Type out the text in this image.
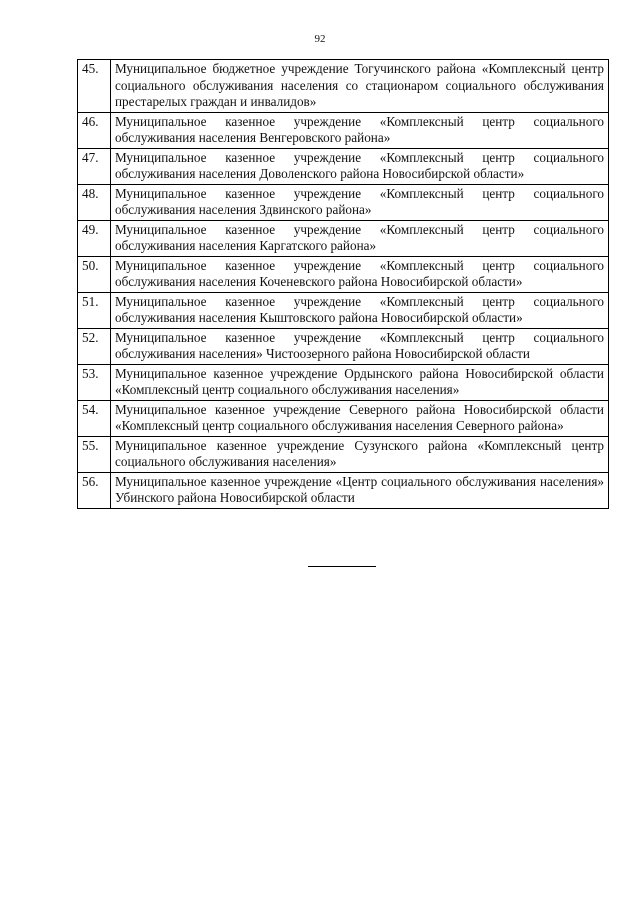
92
45.	Муниципальное бюджетное учреждение Тогучинского района «Комплексный центр социального обслуживания населения со стационаром социального обслуживания престарелых граждан и инвалидов»
46.	Муниципальное казенное учреждение «Комплексный центр социального обслуживания населения Венгеровского района»
47.	Муниципальное казенное учреждение «Комплексный центр социального обслуживания населения Доволенского района Новосибирской области»
48.	Муниципальное казенное учреждение «Комплексный центр социального обслуживания населения Здвинского района»
49.	Муниципальное казенное учреждение «Комплексный центр социального обслуживания населения Каргатского района»
50.	Муниципальное казенное учреждение «Комплексный центр социального обслуживания населения Коченевского района Новосибирской области»
51.	Муниципальное казенное учреждение «Комплексный центр социального обслуживания населения Кыштовского района Новосибирской области»
52.	Муниципальное казенное учреждение «Комплексный центр социального обслуживания населения» Чистоозерного района Новосибирской области
53.	Муниципальное казенное учреждение Ордынского района Новосибирской области «Комплексный центр социального обслуживания населения»
54.	Муниципальное казенное учреждение Северного района Новосибирской области «Комплексный центр социального обслуживания населения Северного района»
55.	Муниципальное казенное учреждение Сузунского района «Комплексный центр социального обслуживания населения»
56.	Муниципальное казенное учреждение «Центр социального обслуживания населения» Убинского района Новосибирской области
